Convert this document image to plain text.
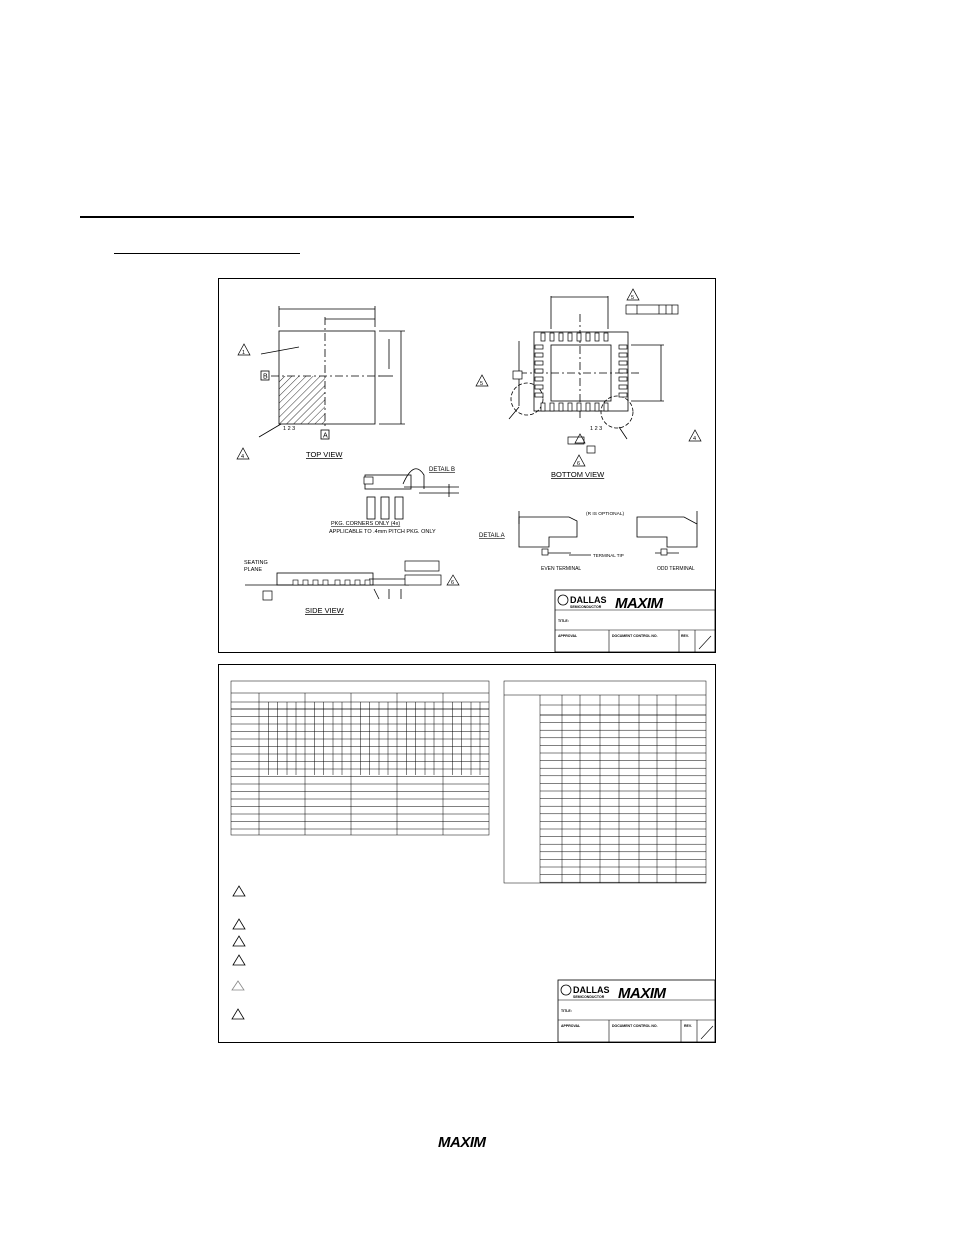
B
A
1
4
4
5
5
6
6
1 2 3	1 2 3
TOP VIEW
BOTTOM VIEW
SIDE VIEW
DETAIL B
DETAIL A
PKG. CORNERS ONLY (4x)
APPLICABLE TO .4mm PITCH PKG. ONLY
(R IS OPTIONAL)
TERMINAL TIP
EVEN TERMINAL	ODD TERMINAL
SEATING PLANE
DALLAS
SEMICONDUCTOR MAXIM
TITLE:
APPROVAL	DOCUMENT CONTROL NO.	REV.
DALLAS
SEMICONDUCTOR MAXIM
TITLE:
APPROVAL	DOCUMENT CONTROL NO.	REV.
MAXIM
